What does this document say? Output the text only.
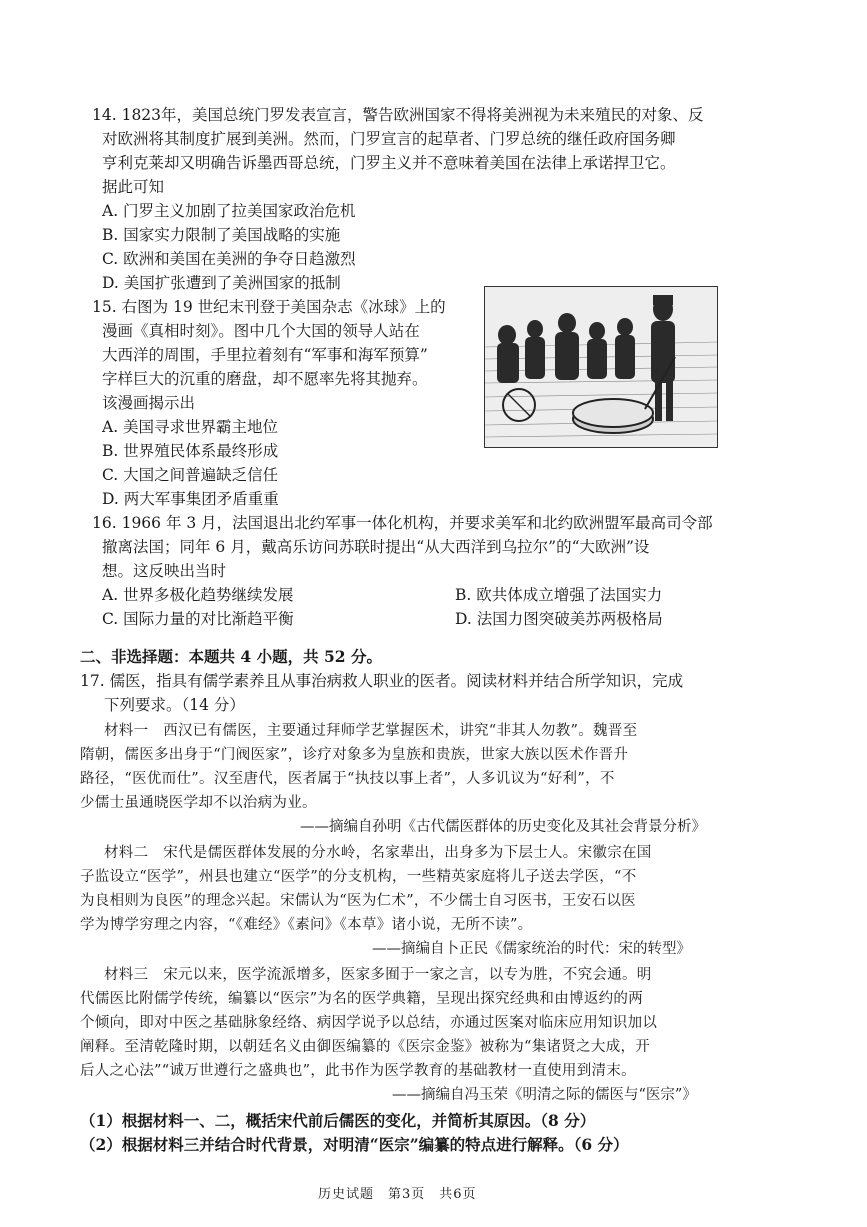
14. 1823年，美国总统门罗发表宣言，警告欧洲国家不得将美洲视为未来殖民的对象、反
对欧洲将其制度扩展到美洲。然而，门罗宣言的起草者、门罗总统的继任政府国务卿
亨利克莱却又明确告诉墨西哥总统，门罗主义并不意味着美国在法律上承诺捍卫它。
据此可知
A. 门罗主义加剧了拉美国家政治危机
B. 国家实力限制了美国战略的实施
C. 欧洲和美国在美洲的争夺日趋激烈
D. 美国扩张遭到了美洲国家的抵制
15. 右图为 19 世纪末刊登于美国杂志《冰球》上的
漫画《真相时刻》。图中几个大国的领导人站在
大西洋的周围，手里拉着刻有“军事和海军预算”
字样巨大的沉重的磨盘，却不愿率先将其抛弃。
该漫画揭示出
A. 美国寻求世界霸主地位
B. 世界殖民体系最终形成
C. 大国之间普遍缺乏信任
D. 两大军事集团矛盾重重
16. 1966 年 3 月，法国退出北约军事一体化机构，并要求美军和北约欧洲盟军最高司令部
撤离法国；同年 6 月，戴高乐访问苏联时提出“从大西洋到乌拉尔”的“大欧洲”设
想。这反映出当时
A. 世界多极化趋势继续发展	B. 欧共体成立增强了法国实力
C. 国际力量的对比渐趋平衡	D. 法国力图突破美苏两极格局
二、非选择题：本题共 4 小题，共 52 分。
17. 儒医，指具有儒学素养且从事治病救人职业的医者。阅读材料并结合所学知识，完成
下列要求。（14 分）
材料一　西汉已有儒医，主要通过拜师学艺掌握医术，讲究“非其人勿教”。魏晋至
隋朝，儒医多出身于“门阀医家”，诊疗对象多为皇族和贵族，世家大族以医术作晋升
路径，“医优而仕”。汉至唐代，医者属于“执技以事上者”，人多讥议为“好利”，不
少儒士虽通晓医学却不以治病为业。
——摘编自孙明《古代儒医群体的历史变化及其社会背景分析》
材料二　宋代是儒医群体发展的分水岭，名家辈出，出身多为下层士人。宋徽宗在国
子监设立“医学”，州县也建立“医学”的分支机构，一些精英家庭将儿子送去学医，“不
为良相则为良医”的理念兴起。宋儒认为“医为仁术”，不少儒士自习医书，王安石以医
学为博学穷理之内容，“《难经》《素问》《本草》诸小说，无所不读”。
——摘编自卜正民《儒家统治的时代：宋的转型》
材料三　宋元以来，医学流派增多，医家多囿于一家之言，以专为胜，不究会通。明
代儒医比附儒学传统，编纂以“医宗”为名的医学典籍，呈现出探究经典和由博返约的两
个倾向，即对中医之基础脉象经络、病因学说予以总结，亦通过医案对临床应用知识加以
阐释。至清乾隆时期，以朝廷名义由御医编纂的《医宗金鉴》被称为“集诸贤之大成，开
后人之心法”“诚万世遵行之盛典也”，此书作为医学教育的基础教材一直使用到清末。
——摘编自冯玉荣《明清之际的儒医与“医宗”》
（1）根据材料一、二，概括宋代前后儒医的变化，并简析其原因。（8 分）
（2）根据材料三并结合时代背景，对明清“医宗”编纂的特点进行解释。（6 分）
历史试题　第3页　共6页
